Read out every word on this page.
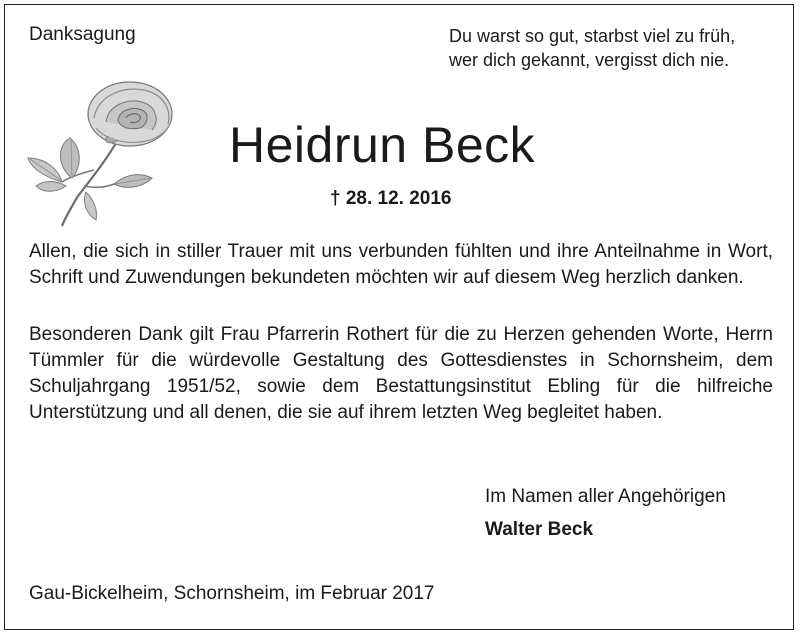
Danksagung	Du warst so gut, starbst viel zu früh,
wer dich gekannt, vergisst dich nie.
Heidrun Beck
† 28. 12. 2016
Allen, die sich in stiller Trauer mit uns verbunden fühlten und ihre Anteilnahme in Wort, Schrift und Zuwendungen bekundeten möchten wir auf diesem Weg herzlich danken.
Besonderen Dank gilt Frau Pfarrerin Rothert für die zu Herzen gehenden Worte, Herrn Tümmler für die würdevolle Gestaltung des Gottesdienstes in Schornsheim, dem Schuljahrgang 1951/52, sowie dem Bestattungsinstitut Ebling für die hilfreiche Unterstützung und all denen, die sie auf ihrem letzten Weg begleitet haben.
Im Namen aller Angehörigen
Walter Beck
Gau-Bickelheim, Schornsheim, im Februar 2017
